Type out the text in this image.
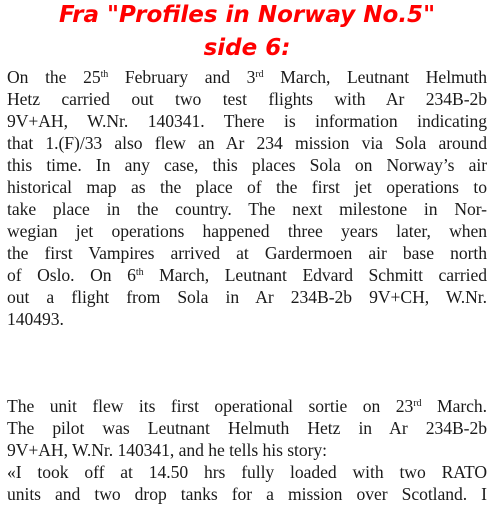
Fra "Profiles in Norway No.5"
side 6:
On the 25th February and 3rd March, Leutnant Helmuth
Hetz carried out two test flights with Ar 234B-2b
9V+AH, W.Nr. 140341. There is information indicating
that 1.(F)/33 also flew an Ar 234 mission via Sola around
this time. In any case, this places Sola on Norway’s air
historical map as the place of the first jet operations to
take place in the country. The next milestone in Nor-
wegian jet operations happened three years later, when
the first Vampires arrived at Gardermoen air base north
of Oslo. On 6th March, Leutnant Edvard Schmitt carried
out a flight from Sola in Ar 234B-2b 9V+CH, W.Nr.
140493.
The unit flew its first operational sortie on 23rd March.
The pilot was Leutnant Helmuth Hetz in Ar 234B-2b
9V+AH, W.Nr. 140341, and he tells his story:
«I took off at 14.50 hrs fully loaded with two RATO
units and two drop tanks for a mission over Scotland. I
